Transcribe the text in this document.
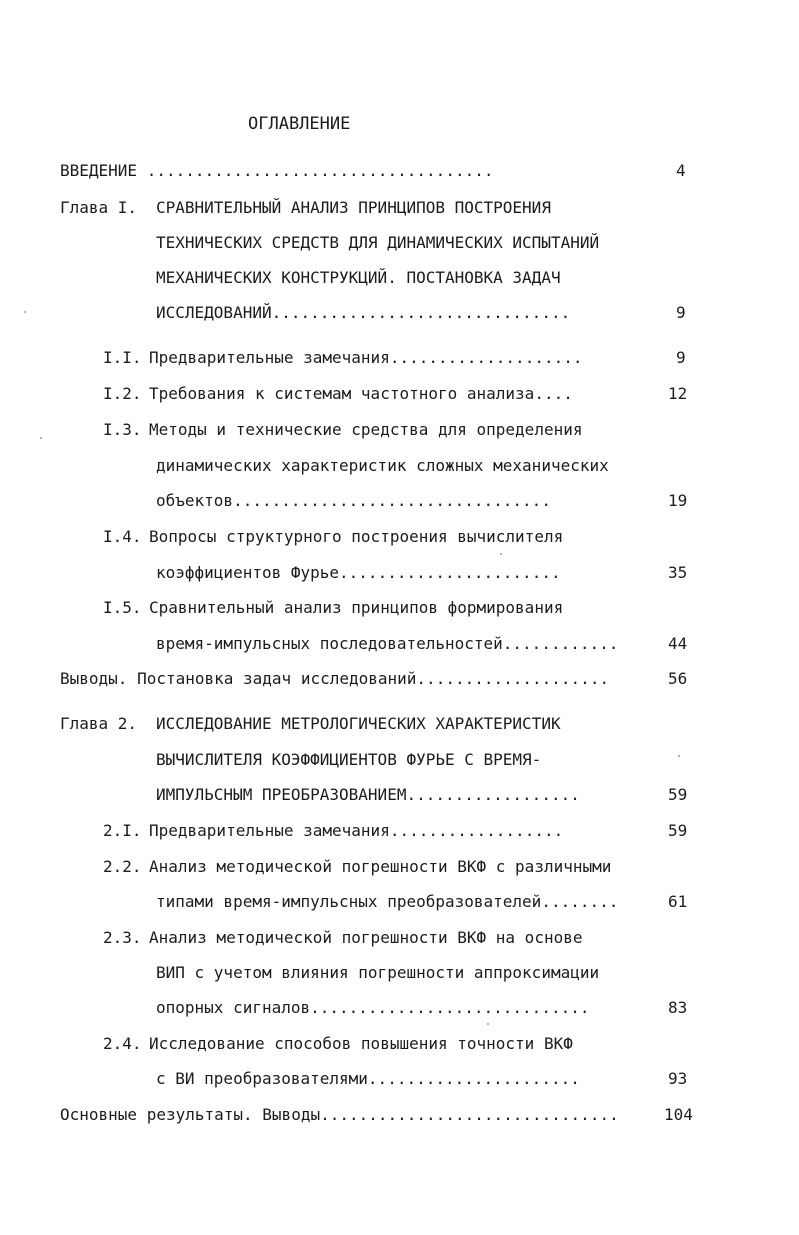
ОГЛАВЛЕНИЕ
ВВЕДЕНИЕ ....................................	4
Глава I. СРАВНИТЕЛЬНЫЙ АНАЛИЗ ПРИНЦИПОВ ПОСТРОЕНИЯ
ТЕХНИЧЕСКИХ СРЕДСТВ ДЛЯ ДИНАМИЧЕСКИХ ИСПЫТАНИЙ
МЕХАНИЧЕСКИХ КОНСТРУКЦИЙ. ПОСТАНОВКА ЗАДАЧ
ИССЛЕДОВАНИЙ...............................	9
I.I. Предварительные замечания....................	9
I.2. Требования к системам частотного анализа....	12
I.3. Методы и технические средства для определения
динамических характеристик сложных механических
объектов.................................	19
I.4. Вопросы структурного построения вычислителя
коэффициентов Фурье.......................	35
I.5. Сравнительный анализ принципов формирования
время-импульсных последовательностей............	44
Выводы. Постановка задач исследований....................	56
Глава 2. ИССЛЕДОВАНИЕ МЕТРОЛОГИЧЕСКИХ ХАРАКТЕРИСТИК
ВЫЧИСЛИТЕЛЯ КОЭФФИЦИЕНТОВ ФУРЬЕ С ВРЕМЯ-
ИМПУЛЬСНЫМ ПРЕОБРАЗОВАНИЕМ..................	59
2.I. Предварительные замечания..................	59
2.2. Анализ методической погрешности ВКФ с различными
типами время-импульсных преобразователей........	61
2.3. Анализ методической погрешности ВКФ на основе
ВИП с учетом влияния погрешности аппроксимации
опорных сигналов.............................	83
2.4. Исследование способов повышения точности ВКФ
с ВИ преобразователями......................	93
Основные результаты. Выводы...............................	104
